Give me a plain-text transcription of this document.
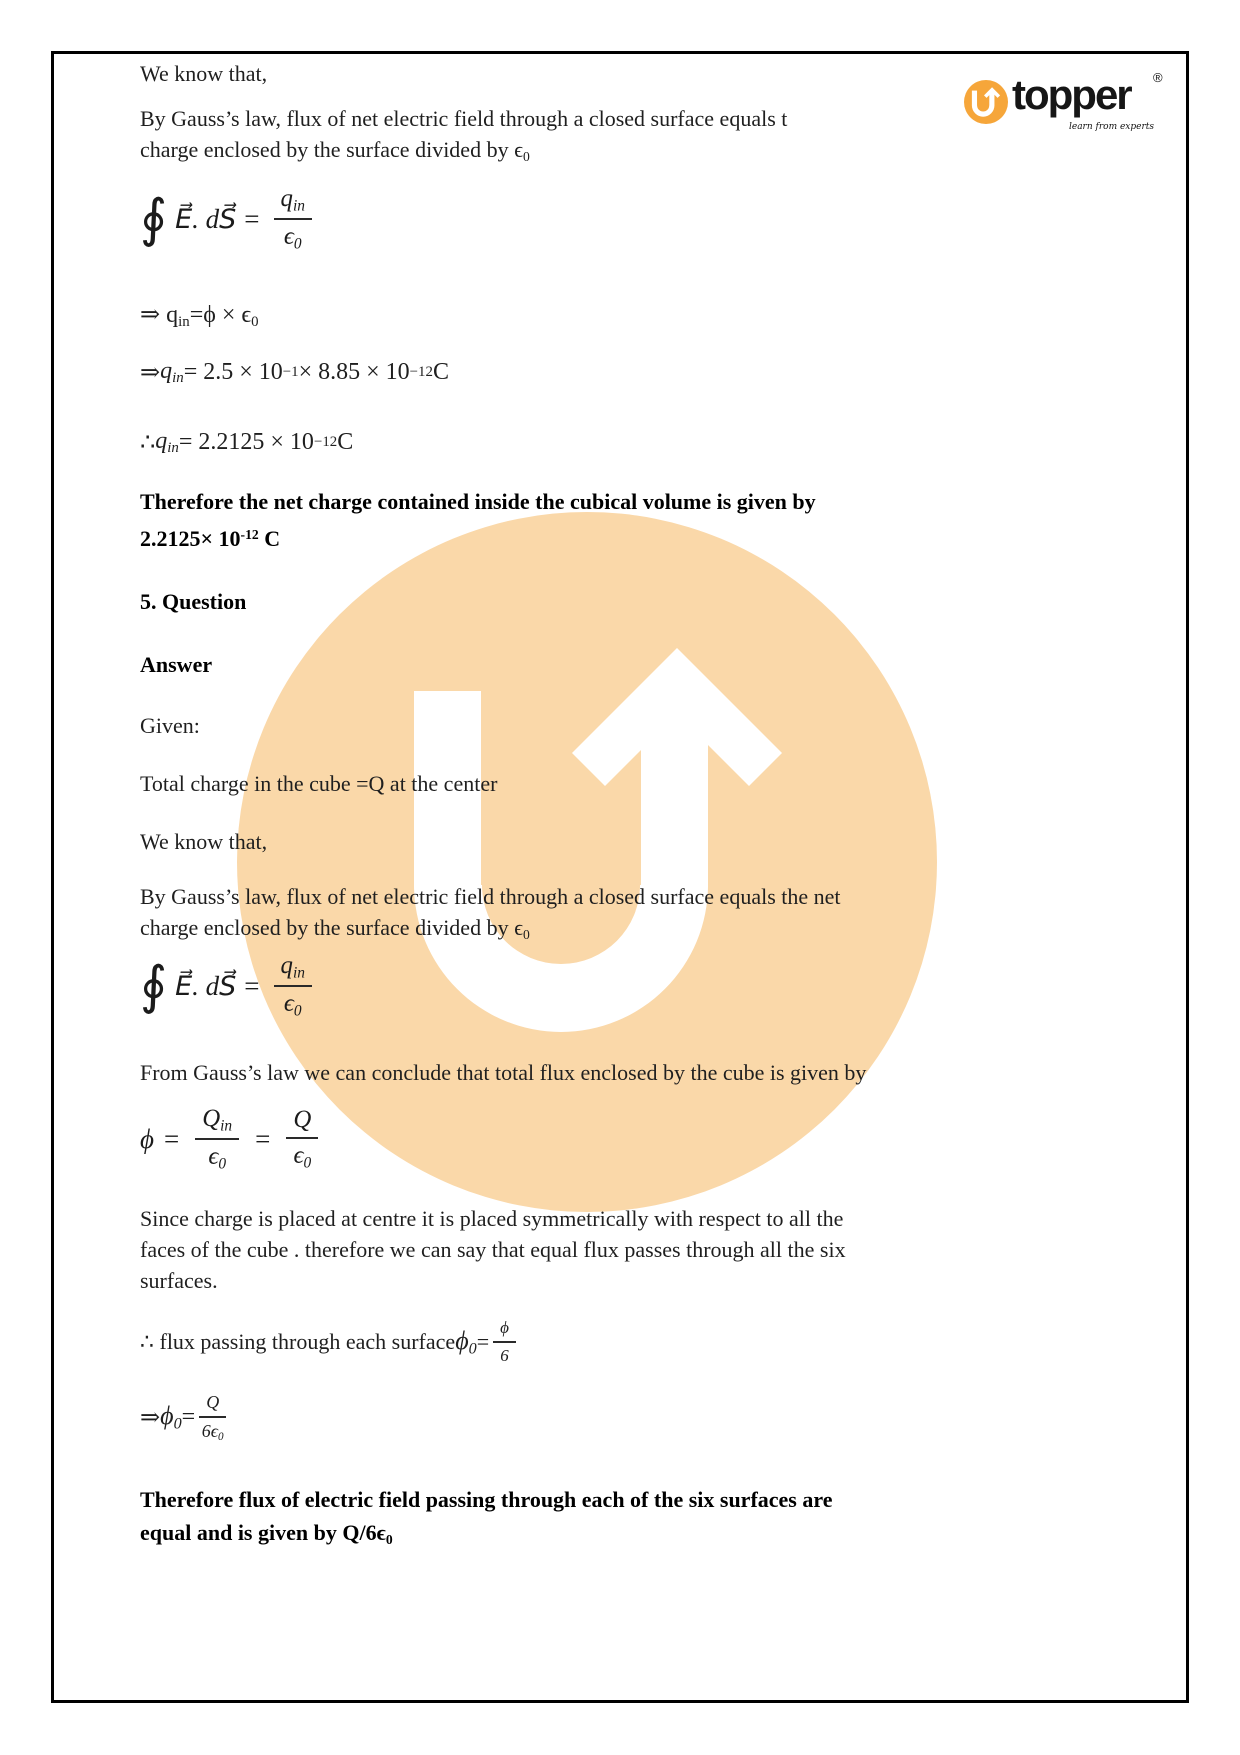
We know that,
By Gauss’s law, flux of net electric field through a closed surface equals t
charge enclosed by the surface divided by ϵ0
∮ E⃗. dS⃗ = $\frac{\text{qin}}{\epsilon 0}$
⇒ qin=ϕ × ϵ0
⇒ qin = 2.5 × 10 −1 × 8.85 × 10 −12 C
∴ qin = 2.2125 × 10 −12 C
Therefore the net charge contained inside the cubical volume is given by
$2.2125\times 10^{-12}$ C
5. Question
Answer
Given:
Total charge in the cube =Q at the center
We know that,
By Gauss’s law, flux of net electric field through a closed surface equals the net
charge enclosed by the surface divided by ϵ0
∮ E⃗. dS⃗ = $\frac{\text{qin}}{\epsilon 0}$
From Gauss’s law we can conclude that total flux enclosed by the cube is given by
$\phi = \frac{\text{Qin}}{\epsilon 0} = \frac{Q}{\epsilon 0}$
Since charge is placed at centre it is placed symmetrically with respect to all the
faces of the cube . therefore we can say that equal flux passes through all the six
surfaces.
∴ flux passing through each surface $\phi 0 = \frac{\phi}{6}$
⇒ $\phi 0 = \frac{Q}{6\epsilon 0}$
Therefore flux of electric field passing through each of the six surfaces are
equal and is given by Q/6ϵ0
topper ®
learn from experts
